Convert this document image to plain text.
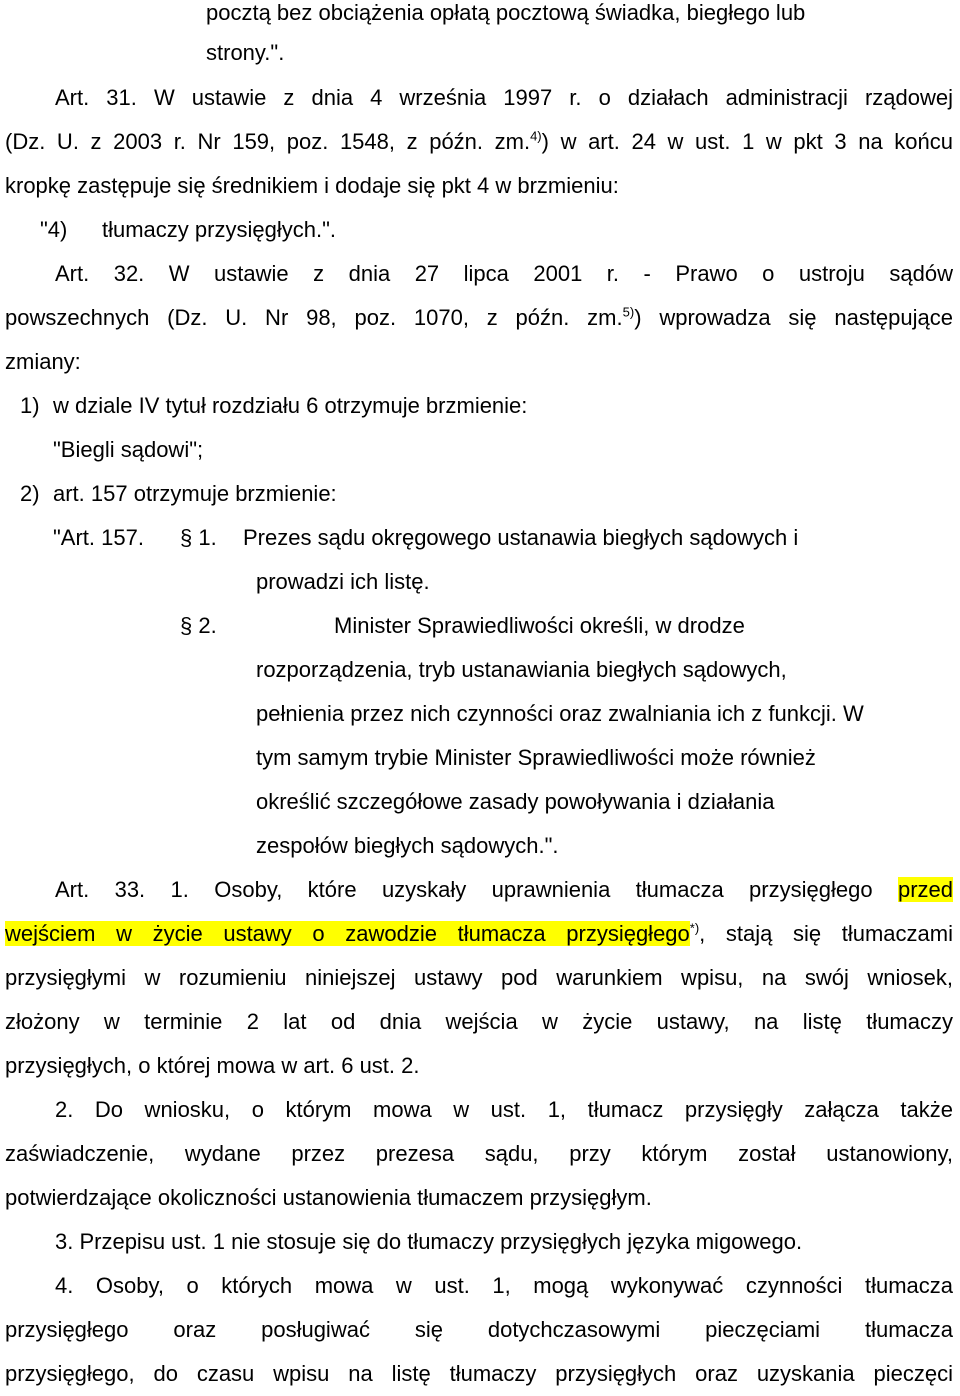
pocztą bez obciążenia opłatą pocztową świadka, biegłego lub
strony.".
Art. 31. W ustawie z dnia 4 września 1997 r. o działach administracji rządowej
(Dz. U. z 2003 r. Nr 159, poz. 1548, z późn. zm.$^{4)}$) w art. 24 w ust. 1 w pkt 3 na końcu
kropkę zastępuje się średnikiem i dodaje się pkt 4 w brzmieniu:
"4) tłumaczy przysięgłych.".
Art. 32. W ustawie z dnia 27 lipca 2001 r. - Prawo o ustroju sądów
powszechnych (Dz. U. Nr 98, poz. 1070, z późn. zm.$^{5)}$) wprowadza się następujące
zmiany:
1) w dziale IV tytuł rozdziału 6 otrzymuje brzmienie:
"Biegli sądowi";
2) art. 157 otrzymuje brzmienie:
"Art. 157. § 1. Prezes sądu okręgowego ustanawia biegłych sądowych i
prowadzi ich listę.
§ 2.	Minister Sprawiedliwości określi, w drodze
rozporządzenia, tryb ustanawiania biegłych sądowych,
pełnienia przez nich czynności oraz zwalniania ich z funkcji. W
tym samym trybie Minister Sprawiedliwości może również
określić szczegółowe zasady powoływania i działania
zespołów biegłych sądowych.".
Art. 33. 1. Osoby, które uzyskały uprawnienia tłumacza przysięgłego przed
wejściem w życie ustawy o zawodzie tłumacza przysięgłego*), stają się tłumaczami
przysięgłymi w rozumieniu niniejszej ustawy pod warunkiem wpisu, na swój wniosek,
złożony w terminie 2 lat od dnia wejścia w życie ustawy, na listę tłumaczy
przysięgłych, o której mowa w art. 6 ust. 2.
2. Do wniosku, o którym mowa w ust. 1, tłumacz przysięgły załącza także
zaświadczenie, wydane przez prezesa sądu, przy którym został ustanowiony,
potwierdzające okoliczności ustanowienia tłumaczem przysięgłym.
3. Przepisu ust. 1 nie stosuje się do tłumaczy przysięgłych języka migowego.
4. Osoby, o których mowa w ust. 1, mogą wykonywać czynności tłumacza
przysięgłego oraz posługiwać się dotychczasowymi pieczęciami tłumacza
przysięgłego, do czasu wpisu na listę tłumaczy przysięgłych oraz uzyskania pieczęci
